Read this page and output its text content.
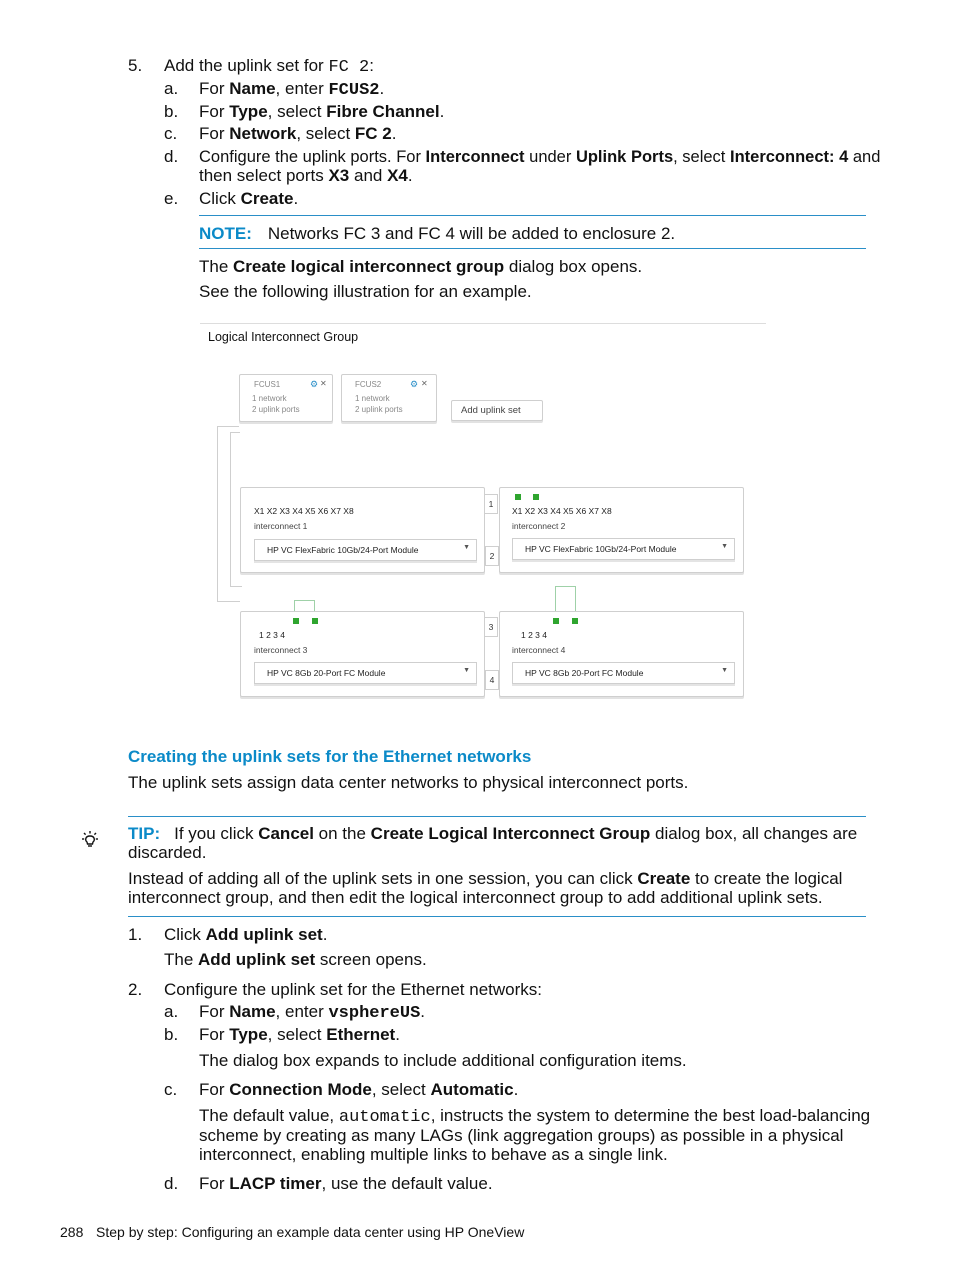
5. Add the uplink set for FC 2:
a. For Name, enter FCUS2.
b. For Type, select Fibre Channel.
c. For Network, select FC 2.
d. Configure the uplink ports. For Interconnect under Uplink Ports, select Interconnect: 4 and
then select ports X3 and X4.
e. Click Create.
NOTE: Networks FC 3 and FC 4 will be added to enclosure 2.
The Create logical interconnect group dialog box opens.
See the following illustration for an example.
Logical Interconnect Group
FCUS1	⚙ ✕
1 network
2 uplink ports
FCUS2	⚙ ✕
1 network
2 uplink ports	Add uplink set
X1 X2 X3 X4 X5 X6 X7 X8
interconnect 1
HP VC FlexFabric 10Gb/24-Port Module	▼
X1 X2 X3 X4 X5 X6 X7 X8
interconnect 2
HP VC FlexFabric 10Gb/24-Port Module	▼
1
2
3
4
1 2 3 4
interconnect 3
HP VC 8Gb 20-Port FC Module	▼
1 2 3 4
interconnect 4
HP VC 8Gb 20-Port FC Module	▼
Creating the uplink sets for the Ethernet networks
The uplink sets assign data center networks to physical interconnect ports.
TIP: If you click Cancel on the Create Logical Interconnect Group dialog box, all changes are
discarded.
Instead of adding all of the uplink sets in one session, you can click Create to create the logical
interconnect group, and then edit the logical interconnect group to add additional uplink sets.
1. Click Add uplink set.
The Add uplink set screen opens.
2. Configure the uplink set for the Ethernet networks:
a. For Name, enter vsphereUS.
b. For Type, select Ethernet.
The dialog box expands to include additional configuration items.
c. For Connection Mode, select Automatic.
The default value, automatic, instructs the system to determine the best load-balancing
scheme by creating as many LAGs (link aggregation groups) as possible in a physical
interconnect, enabling multiple links to behave as a single link.
d. For LACP timer, use the default value.
288 Step by step: Configuring an example data center using HP OneView
